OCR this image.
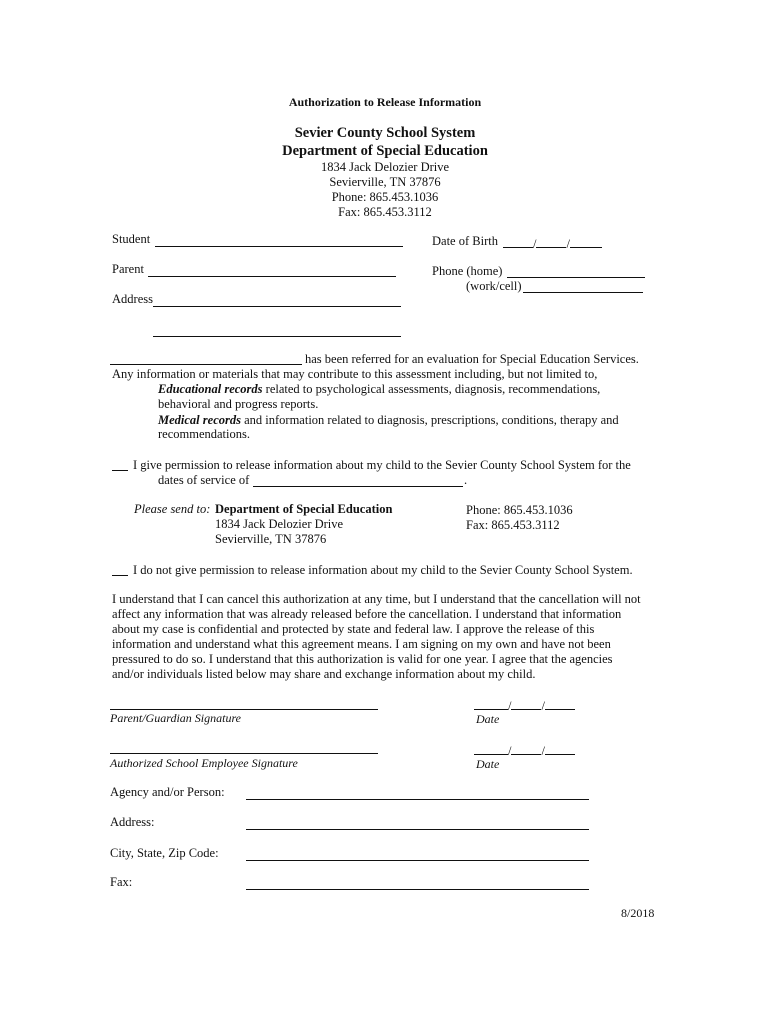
Authorization to Release Information
Sevier County School System
Department of Special Education
1834 Jack Delozier Drive
Sevierville, TN 37876
Phone: 865.453.1036
Fax: 865.453.3112
Student	Date of Birth	/ /
Parent	Phone (home)
(work/cell)
Address
has been referred for an evaluation for Special Education Services.
Any information or materials that may contribute to this assessment including, but not limited to,
Educational records related to psychological assessments, diagnosis, recommendations,
behavioral and progress reports.
Medical records and information related to diagnosis, prescriptions, conditions, therapy and
recommendations.
I give permission to release information about my child to the Sevier County School System for the
dates of service of	.
Please send to: Department of Special Education
1834 Jack Delozier Drive
Sevierville, TN 37876
Phone: 865.453.1036
Fax: 865.453.3112
I do not give permission to release information about my child to the Sevier County School System.
I understand that I can cancel this authorization at any time, but I understand that the cancellation will not
affect any information that was already released before the cancellation. I understand that information
about my case is confidential and protected by state and federal law. I approve the release of this
information and understand what this agreement means. I am signing on my own and have not been
pressured to do so. I understand that this authorization is valid for one year. I agree that the agencies
and/or individuals listed below may share and exchange information about my child.
Parent/Guardian Signature
/ /
Date
Authorized School Employee Signature
/ /
Date
Agency and/or Person:
Address:
City, State, Zip Code:
Fax:
8/2018
